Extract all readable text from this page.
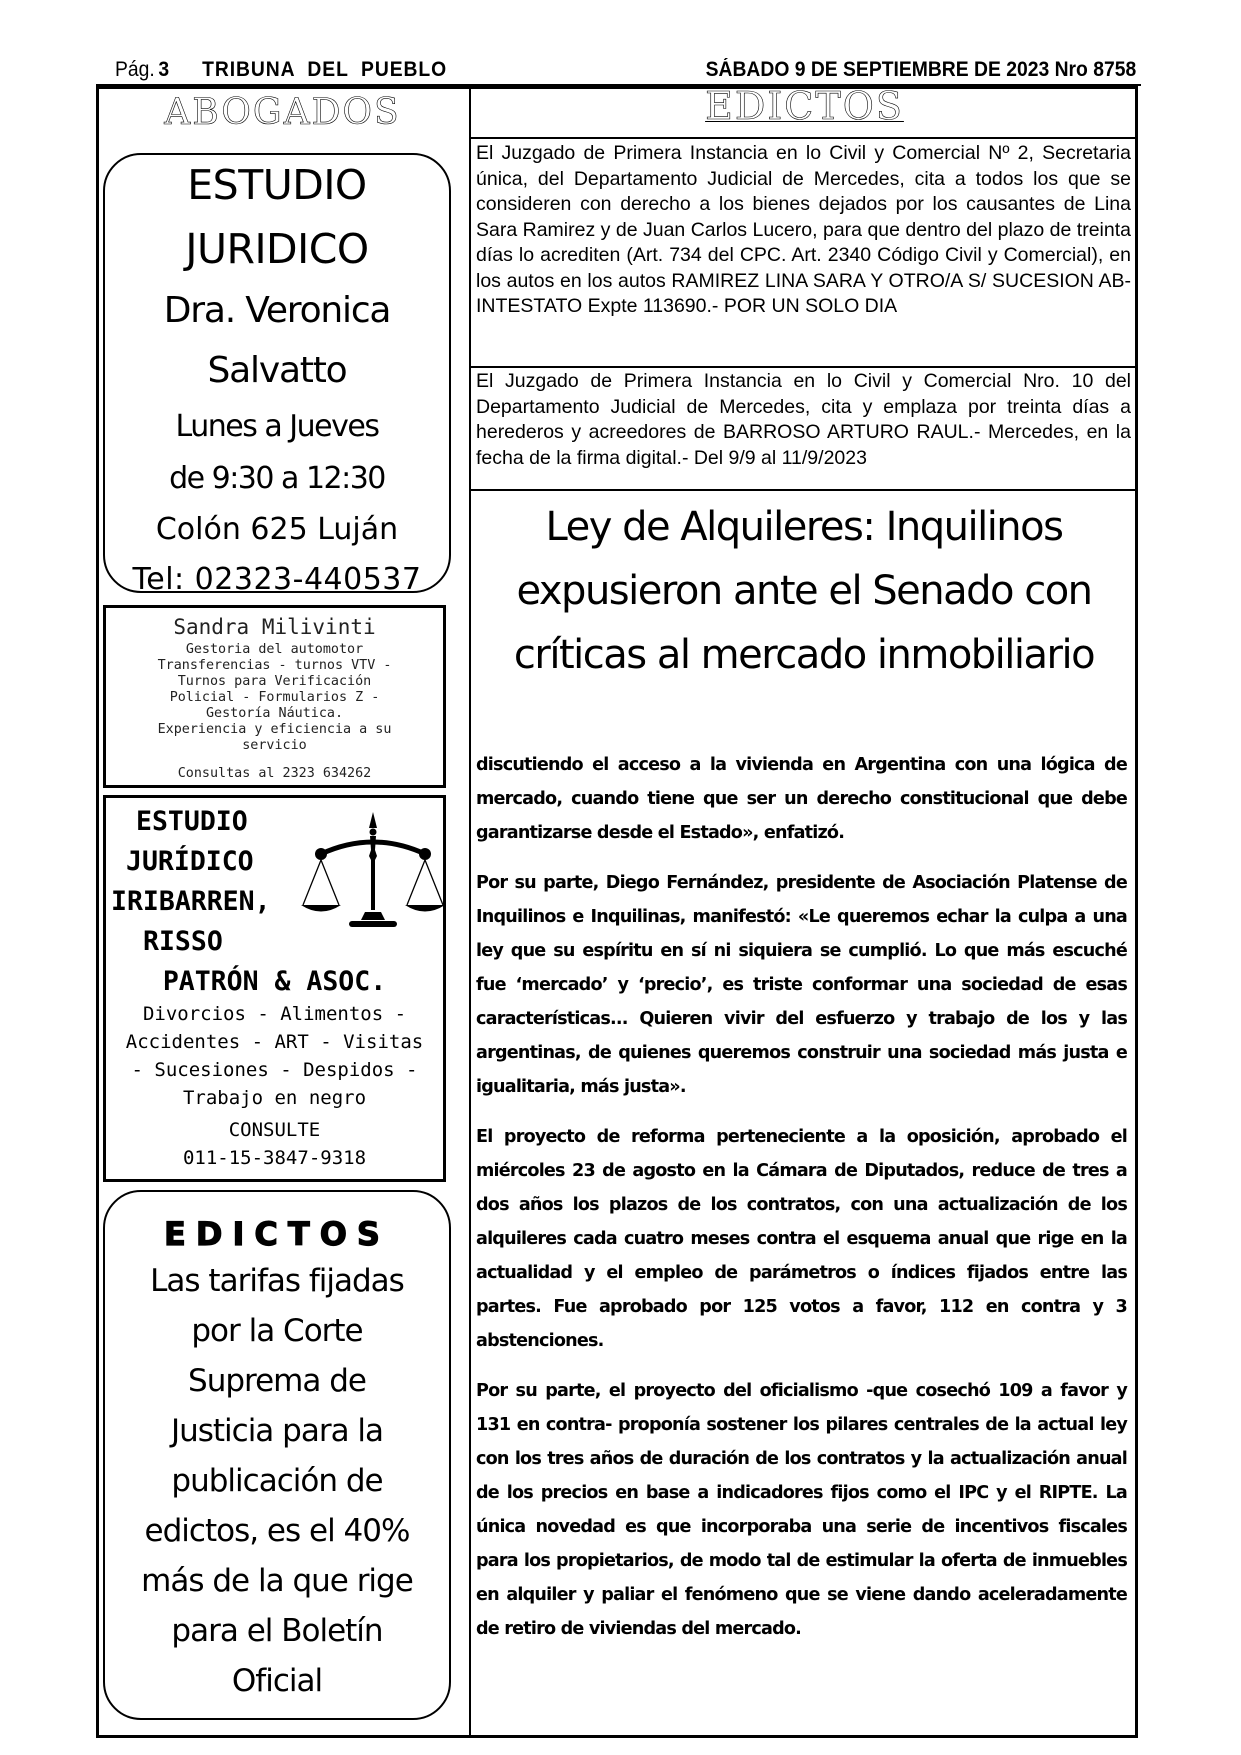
Pág. 3 TRIBUNA  DEL  PUEBLO	SÁBADO 9 DE SEPTIEMBRE DE 2023 Nro 8758
ABOGADOS
ESTUDIO
JURIDICO
Dra. Veronica
Salvatto
Lunes a Jueves
de 9:30 a 12:30
Colón 625 Luján
Tel: 02323-440537
Sandra Milivinti
Gestoria del automotor
Transferencias - turnos VTV -
Turnos para Verificación
Policial - Formularios Z -
Gestoría Náutica.
Experiencia y eficiencia a su
servicio
Consultas al 2323 634262
ESTUDIO
JURÍDICO
IRIBARREN,
RISSO
PATRÓN & ASOC.
Divorcios - Alimentos -
Accidentes - ART - Visitas
- Sucesiones - Despidos -
Trabajo en negro
CONSULTE
011-15-3847-9318
EDICTOS
Las tarifas fijadas
por la Corte
Suprema de
Justicia para la
publicación de
edictos, es el 40%
más de la que rige
para el Boletín
Oficial
EDICTOS
El Juzgado de Primera Instancia en lo Civil y Comercial Nº 2, Secretaria única, del Departamento Judicial de Mercedes, cita a todos los que se consideren con derecho a los bienes dejados por los causantes de Lina Sara Ramirez y de Juan Carlos Lucero, para que dentro del plazo de treinta días lo acrediten (Art. 734 del CPC. Art. 2340 Código Civil y Comercial), en los autos en los autos RAMIREZ LINA SARA Y OTRO/A S/ SUCESION AB-INTESTATO Expte 113690.- POR UN SOLO DIA
El Juzgado de Primera Instancia en lo Civil y Comercial Nro. 10 del Departamento Judicial de Mercedes, cita y emplaza por treinta días a herederos y acreedores de BARROSO ARTURO RAUL.- Mercedes, en la fecha de la firma digital.- Del 9/9 al 11/9/2023
Ley de Alquileres: Inquilinos expusieron ante el Senado con críticas al mercado inmobiliario

discutiendo el acceso a la vivienda en Argentina con una lógica de mercado, cuando tiene que ser un derecho constitucional que debe garantizarse desde el Estado», enfatizó.

Por su parte, Diego Fernández, presidente de Asociación Platense de Inquilinos e Inquilinas, manifestó: «Le queremos echar la culpa a una ley que su espíritu en sí ni siquiera se cumplió. Lo que más escuché fue ‘mercado’ y ‘precio’, es triste conformar una sociedad de esas características... Quieren vivir del esfuerzo y trabajo de los y las argentinas, de quienes queremos construir una sociedad más justa e igualitaria, más justa».

El proyecto de reforma perteneciente a la oposición, aprobado el miércoles 23 de agosto en la Cámara de Diputados, reduce de tres a dos años los plazos de los contratos, con una actualización de los alquileres cada cuatro meses contra el esquema anual que rige en la actualidad y el empleo de parámetros o índices fijados entre las partes. Fue aprobado por 125 votos a favor, 112 en contra y 3 abstenciones.

Por su parte, el proyecto del oficialismo -que cosechó 109 a favor y 131 en contra- proponía sostener los pilares centrales de la actual ley con los tres años de duración de los contratos y la actualización anual de los precios en base a indicadores fijos como el IPC y el RIPTE. La única novedad es que incorporaba una serie de incentivos fiscales para los propietarios, de modo tal de estimular la oferta de inmuebles en alquiler y paliar el fenómeno que se viene dando aceleradamente de retiro de viviendas del mercado.
